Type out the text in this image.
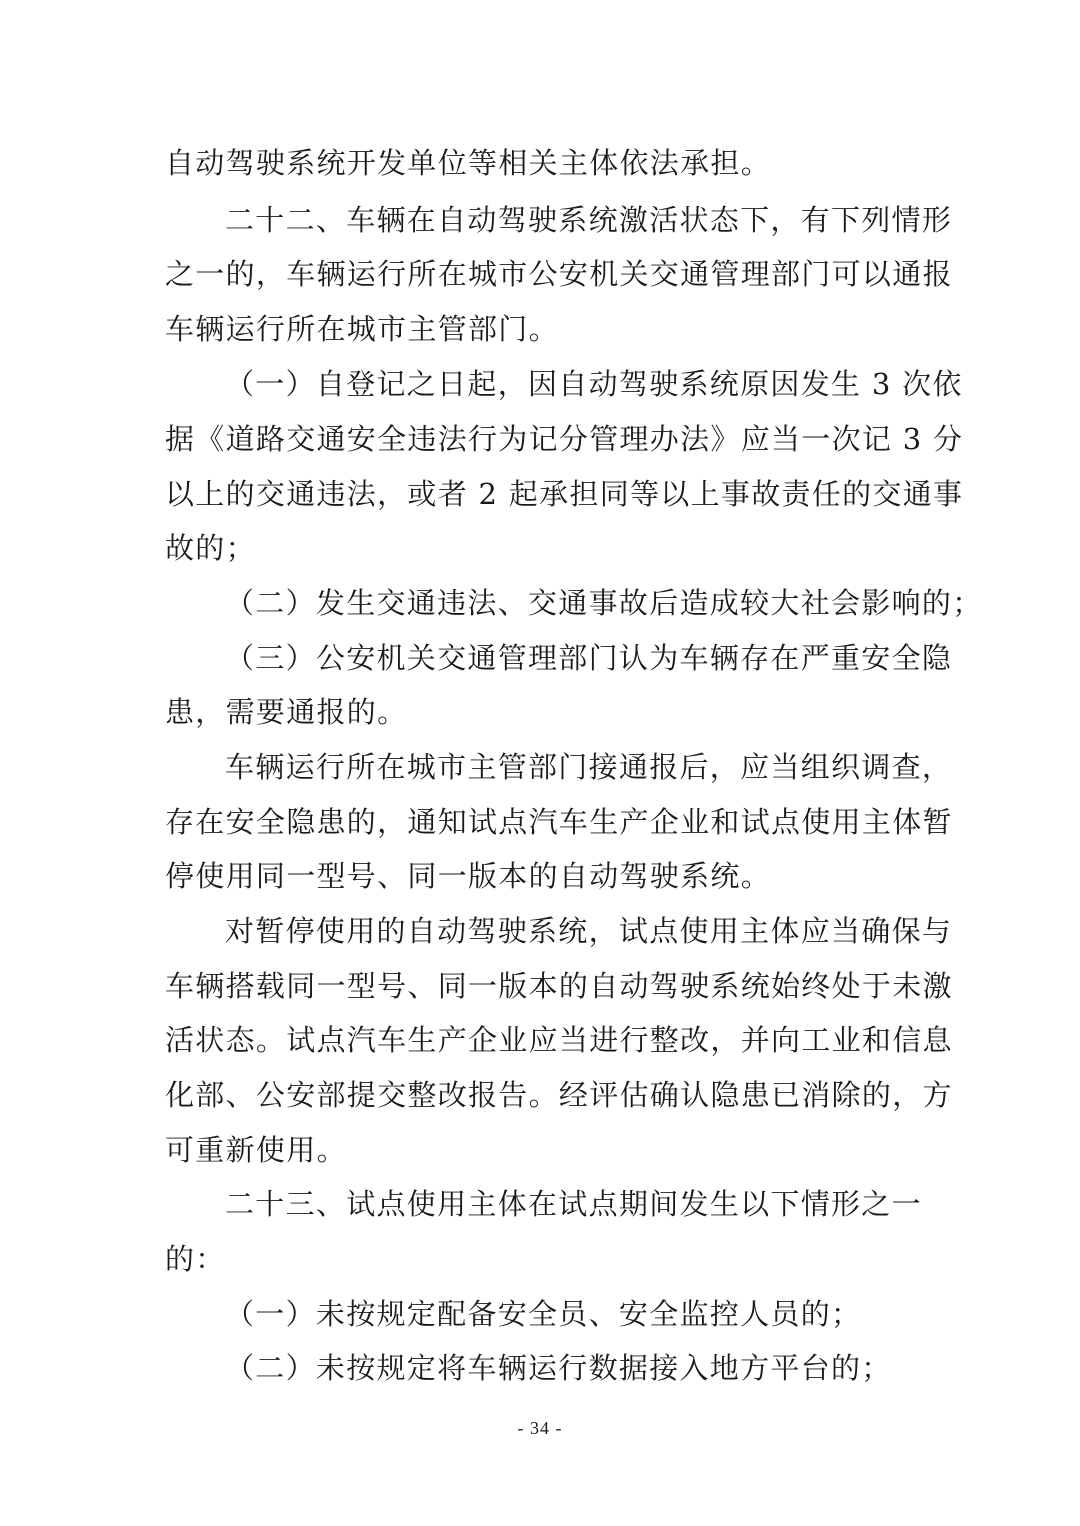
自动驾驶系统开发单位等相关主体依法承担。
二十二、车辆在自动驾驶系统激活状态下，有下列情形
之一的，车辆运行所在城市公安机关交通管理部门可以通报
车辆运行所在城市主管部门。
（一）自登记之日起，因自动驾驶系统原因发生 3 次依
据《道路交通安全违法行为记分管理办法》应当一次记 3 分
以上的交通违法，或者 2 起承担同等以上事故责任的交通事
故的；
（二）发生交通违法、交通事故后造成较大社会影响的；
（三）公安机关交通管理部门认为车辆存在严重安全隐
患，需要通报的。
车辆运行所在城市主管部门接通报后，应当组织调查，
存在安全隐患的，通知试点汽车生产企业和试点使用主体暂
停使用同一型号、同一版本的自动驾驶系统。
对暂停使用的自动驾驶系统，试点使用主体应当确保与
车辆搭载同一型号、同一版本的自动驾驶系统始终处于未激
活状态。试点汽车生产企业应当进行整改，并向工业和信息
化部、公安部提交整改报告。经评估确认隐患已消除的，方
可重新使用。
二十三、试点使用主体在试点期间发生以下情形之一
的：
（一）未按规定配备安全员、安全监控人员的；
（二）未按规定将车辆运行数据接入地方平台的；
- 34 -
